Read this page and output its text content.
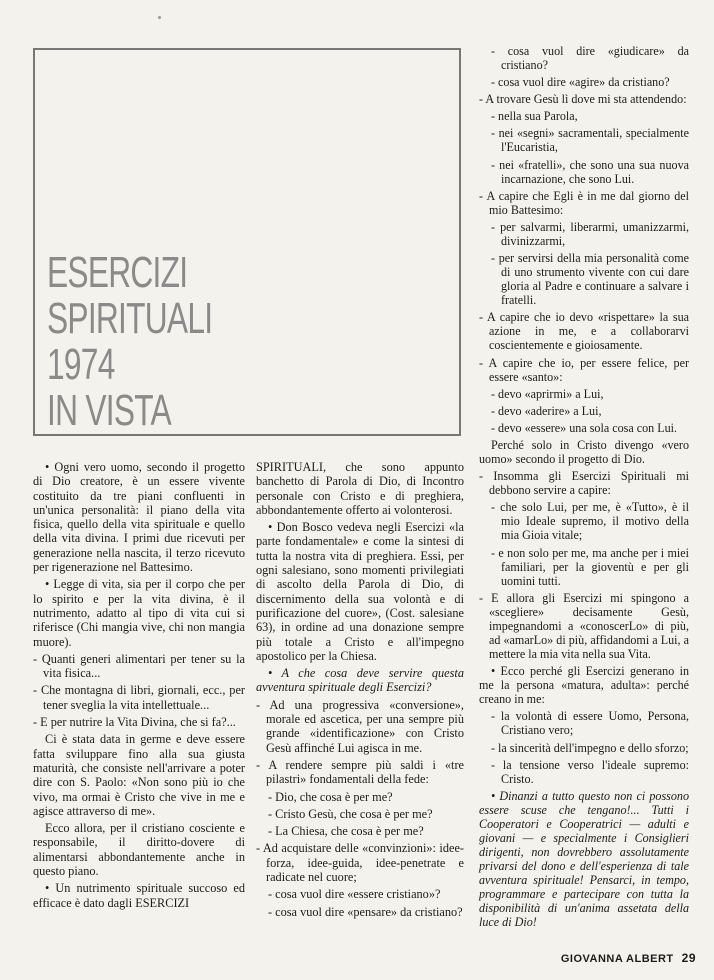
ESERCIZI
SPIRITUALI
1974
IN VISTA

• Ogni vero uomo, secondo il progetto di Dio creatore, è un essere vivente costituito da tre piani confluenti in un'unica personalità: il piano della vita fisica, quello della vita spirituale e quello della vita divina. I primi due ricevuti per generazione nella nascita, il terzo ricevuto per rigenerazione nel Battesimo.

• Legge di vita, sia per il corpo che per lo spirito e per la vita divina, è il nutrimento, adatto al tipo di vita cui si riferisce (Chi mangia vive, chi non mangia muore).

- Quanti generi alimentari per tener su la vita fisica...

- Che montagna di libri, giornali, ecc., per tener sveglia la vita intellettuale...

- E per nutrire la Vita Divina, che si fa?...

Ci è stata data in germe e deve essere fatta sviluppare fino alla sua giusta maturità, che consiste nell'arrivare a poter dire con S. Paolo: «Non sono più io che vivo, ma ormai è Cristo che vive in me e agisce attraverso di me».

Ecco allora, per il cristiano cosciente e responsabile, il diritto-dovere di alimentarsi abbondantemente anche in questo piano.

• Un nutrimento spirituale succoso ed efficace è dato dagli ESERCIZI

SPIRITUALI, che sono appunto banchetto di Parola di Dio, di Incontro personale con Cristo e di preghiera, abbondantemente offerto ai volonterosi.

• Don Bosco vedeva negli Esercizi «la parte fondamentale» e come la sintesi di tutta la nostra vita di preghiera. Essi, per ogni salesiano, sono momenti privilegiati di ascolto della Parola di Dio, di discernimento della sua volontà e di purificazione del cuore», (Cost. salesiane 63), in ordine ad una donazione sempre più totale a Cristo e all'impegno apostolico per la Chiesa.

• A che cosa deve servire questa avventura spirituale degli Esercizi?

- Ad una progressiva «conversione», morale ed ascetica, per una sempre più grande «identificazione» con Cristo Gesù affinché Lui agisca in me.

- A rendere sempre più saldi i «tre pilastri» fondamentali della fede:

- Dio, che cosa è per me?

- Cristo Gesù, che cosa è per me?

- La Chiesa, che cosa è per me?

- Ad acquistare delle «convinzioni»: idee-forza, idee-guida, idee-penetrate e radicate nel cuore;

- cosa vuol dire «essere cristiano»?

- cosa vuol dire «pensare» da cristiano?

- cosa vuol dire «giudicare» da cristiano?

- cosa vuol dire «agire» da cristiano?

- A trovare Gesù lì dove mi sta attendendo:

- nella sua Parola,

- nei «segni» sacramentali, specialmente l'Eucaristia,

- nei «fratelli», che sono una sua nuova incarnazione, che sono Lui.

- A capire che Egli è in me dal giorno del mio Battesimo:

- per salvarmi, liberarmi, umanizzarmi, divinizzarmi,

- per servirsi della mia personalità come di uno strumento vivente con cui dare gloria al Padre e continuare a salvare i fratelli.

- A capire che io devo «rispettare» la sua azione in me, e a collaborarvi coscientemente e gioiosamente.

- A capire che io, per essere felice, per essere «santo»:

- devo «aprirmi» a Lui,

- devo «aderire» a Lui,

- devo «essere» una sola cosa con Lui.

Perché solo in Cristo divengo «vero uomo» secondo il progetto di Dio.

- Insomma gli Esercizi Spirituali mi debbono servire a capire:

- che solo Lui, per me, è «Tutto», è il mio Ideale supremo, il motivo della mia Gioia vitale;

- e non solo per me, ma anche per i miei familiari, per la gioventù e per gli uomini tutti.

- E allora gli Esercizi mi spingono a «scegliere» decisamente Gesù, impegnandomi a «conoscerLo» di più, ad «amarLo» di più, affidandomi a Lui, a mettere la mia vita nella sua Vita.

• Ecco perché gli Esercizi generano in me la persona «matura, adulta»: perché creano in me:

- la volontà di essere Uomo, Persona, Cristiano vero;

- la sincerità dell'impegno e dello sforzo;

- la tensione verso l'ideale supremo: Cristo.

• Dinanzi a tutto questo non ci possono essere scuse che tengano!... Tutti i Cooperatori e Cooperatrici — adulti e giovani — e specialmente i Consiglieri dirigenti, non dovrebbero assolutamente privarsi del dono e dell'esperienza di tale avventura spirituale! Pensarci, in tempo, programmare e partecipare con tutta la disponibilità di un'anima assetata della luce di Dio!

GIOVANNA ALBERT 29
